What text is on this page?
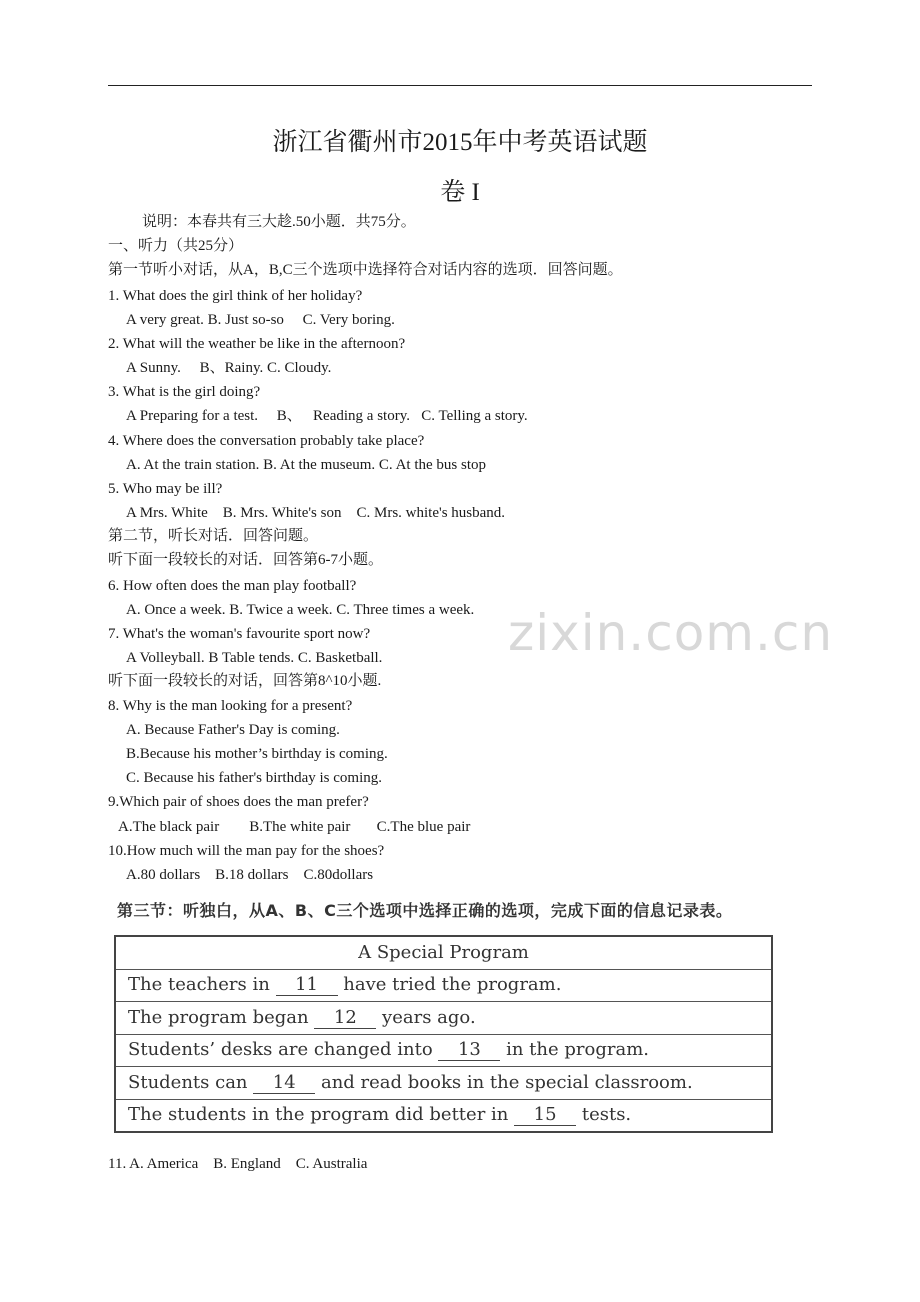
浙江省衢州市2015年中考英语试题
卷 I
说明：本春共有三大趁.50小题．共75分。
一、听力（共25分）
第一节听小对话，从A，B,C三个选项中选择符合对话内容的选项．回答问题。
1. What does the girl think of her holiday?
A very great. B. Just so-so     C. Very boring.
2. What will the weather be like in the afternoon?
A Sunny.     B、Rainy. C. Cloudy.
3. What is the girl doing?
A Preparing for a test.     B、   Reading a story.   C. Telling a story.
4. Where does the conversation probably take place?
A. At the train station. B. At the museum. C. At the bus stop
5. Who may be ill?
A Mrs. White    B. Mrs. White's son    C. Mrs. white's husband.
第二节，听长对话．回答问题。
听下面一段较长的对话．回答第6-7小题。
6. How often does the man play football?
A. Once a week. B. Twice a week. C. Three times a week.
7. What's the woman's favourite sport now?
A Volleyball. B Table tends. C. Basketball.
听下面一段较长的对话，回答第8^10小题.
8. Why is the man looking for a present?
A. Because Father's Day is coming.
B.Because his mother’s birthday is coming.
C. Because his father's birthday is coming.
9.Which pair of shoes does the man prefer?
A.The black pair        B.The white pair       C.The blue pair
10.How much will the man pay for the shoes?
A.80 dollars    B.18 dollars    C.80dollars
第三节：听独白，从A、B、C三个选项中选择正确的选项，完成下面的信息记录表。
A Special Program
The teachers in 11 have tried the program.
The program began 12 years ago.
Students’ desks are changed into 13 in the program.
Students can 14 and read books in the special classroom.
The students in the program did better in 15 tests.
11. A. America    B. England    C. Australia
zixin.com.cn
